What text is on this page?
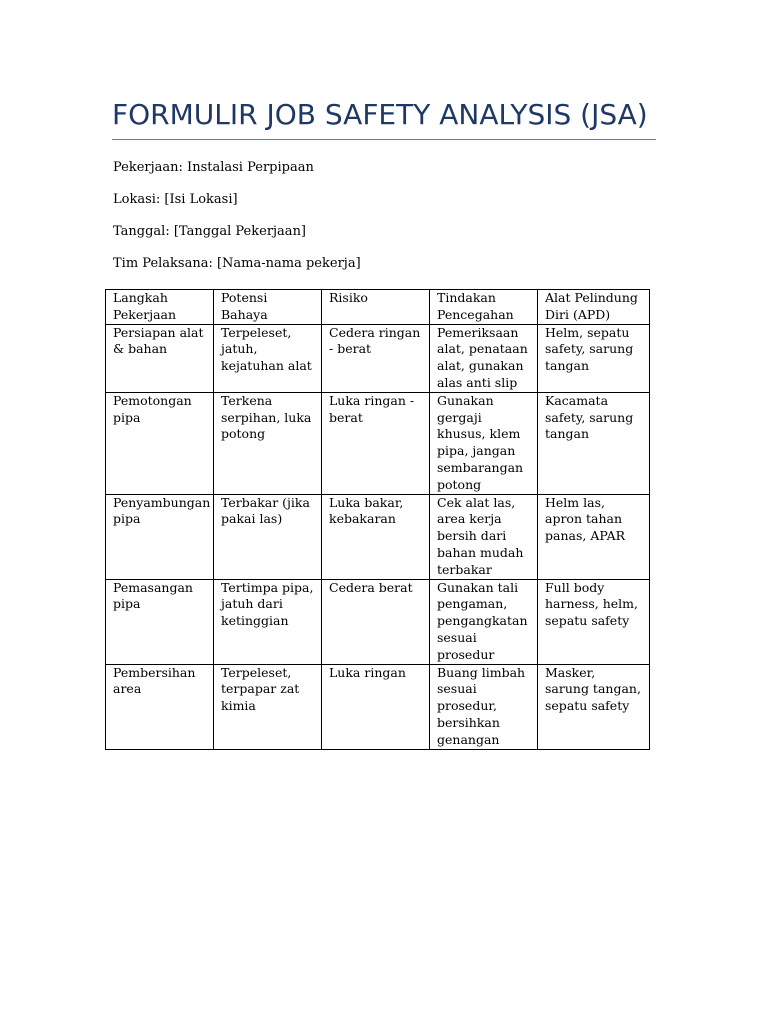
FORMULIR JOB SAFETY ANALYSIS (JSA)

Pekerjaan: Instalasi Perpipaan

Lokasi: [Isi Lokasi]

Tanggal: [Tanggal Pekerjaan]

Tim Pelaksana: [Nama-nama pekerja]

Langkah Pekerjaan	Potensi Bahaya	Risiko	Tindakan Pencegahan	Alat Pelindung Diri (APD)
Persiapan alat & bahan	Terpeleset, jatuh, kejatuhan alat	Cedera ringan - berat	Pemeriksaan alat, penataan alat, gunakan alas anti slip	Helm, sepatu safety, sarung tangan
Pemotongan pipa	Terkena serpihan, luka potong	Luka ringan - berat	Gunakan gergaji khusus, klem pipa, jangan sembarangan potong	Kacamata safety, sarung tangan
Penyambungan pipa	Terbakar (jika pakai las)	Luka bakar, kebakaran	Cek alat las, area kerja bersih dari bahan mudah terbakar	Helm las, apron tahan panas, APAR
Pemasangan pipa	Tertimpa pipa, jatuh dari ketinggian	Cedera berat	Gunakan tali pengaman, pengangkatan sesuai prosedur	Full body harness, helm, sepatu safety
Pembersihan area	Terpeleset, terpapar zat kimia	Luka ringan	Buang limbah sesuai prosedur, bersihkan genangan	Masker, sarung tangan, sepatu safety
